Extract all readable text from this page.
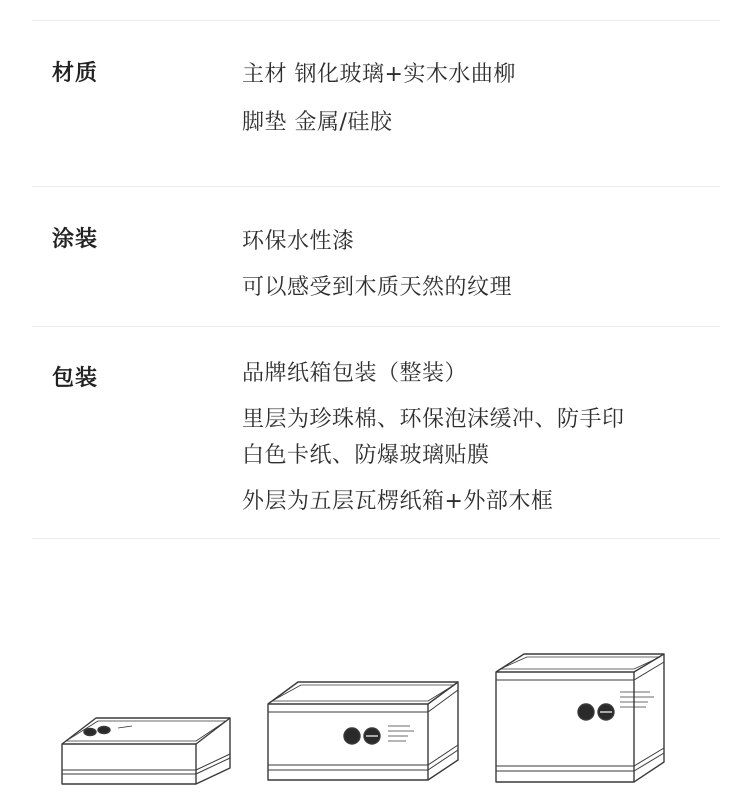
材质	主材 钢化玻璃+实木水曲柳
脚垫 金属/硅胶
涂装	环保水性漆
可以感受到木质天然的纹理
包装	品牌纸箱包装（整装）
里层为珍珠棉、环保泡沫缓冲、防手印
白色卡纸、防爆玻璃贴膜
外层为五层瓦楞纸箱+外部木框
